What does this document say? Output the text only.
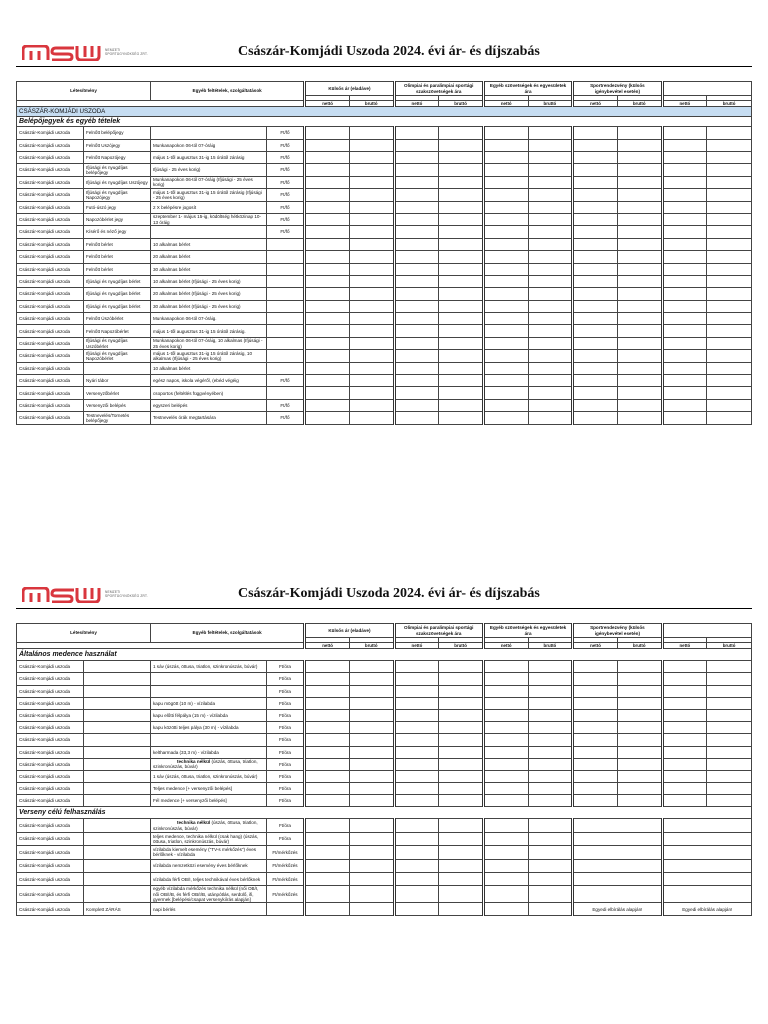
NEMZETI
SPORTÜGYNÖKSÉG ZRT.	Császár-Komjádi Uszoda 2024. évi ár- és díjszabás
Létesítmény		Egyéb feltételek, szolgáltatások		Külsős ár (eladáve)		Olimpiai és paralimpiai sportági szakszövetségek ára		Egyéb szövetségek és egyesületek ára		Sportrendezvény (külsős igénybevétel esetén)			

				nettó	bruttó	nettó	bruttó	nettó	bruttó	nettó	bruttó	nettó	bruttó
CSÁSZÁR-KOMJÁDI USZODA													
Belépőjegyek és egyéb tételek													
Császár-Komjádi uszoda	Felnőtt belépőjegy		Ft/fő										
Császár-Komjádi uszoda	Felnőtt Uszójegy	Munkanapokon 06-tól 07-óráig	Ft/fő										
Császár-Komjádi uszoda	Felnőtt Napozójegy	május 1-től augusztus 31-ig 15 órától zárásig	Ft/fő										
Császár-Komjádi uszoda	Ifjúsági és nyugdíjas belépőjegy	Ifjúsági - 25 éves korig)	Ft/fő										
Császár-Komjádi uszoda	Ifjúsági és nyugdíjas Uszójegy	Munkanapokon 06-tól 07-óráig (Ifjúsági - 25 éves korig)	Ft/fő										
Császár-Komjádi uszoda	Ifjúsági és nyugdíjas Napozójegy	május 1-től augusztus 31-ig 15 órától zárásig (Ifjúsági - 25 éves korig)	Ft/fő										
Császár-Komjádi uszoda	Futó-úszó jegy	2 X belépésre jogosít	Ft/fő										
Császár-Komjádi uszoda	Napozóbérlet jegy	szeptember 1- május 15-ig, ködöltség hétközinap 10-13 óráig	Ft/fő										
Császár-Komjádi uszoda	Kísérő és néző jegy		Ft/fő										
Császár-Komjádi uszoda	Felnőtt bérlet	10 alkalmas bérlet											
Császár-Komjádi uszoda	Felnőtt bérlet	20 alkalmas bérlet											
Császár-Komjádi uszoda	Felnőtt bérlet	30 alkalmas bérlet											
Császár-Komjádi uszoda	Ifjúsági és nyugdíjas bérlet	10 alkalmas bérlet (Ifjúsági - 25 éves korig)											
Császár-Komjádi uszoda	Ifjúsági és nyugdíjas bérlet	20 alkalmas bérlet (Ifjúsági - 25 éves korig)											
Császár-Komjádi uszoda	Ifjúsági és nyugdíjas bérlet	30 alkalmas bérlet (Ifjúsági - 25 éves korig)											
Császár-Komjádi uszoda	Felnőtt Úszóbérlet	Munkanapokon 06-tól 07-óráig.											
Császár-Komjádi uszoda	Felnőtt Napozóbérlet	május 1-től augusztus 31-ig 15 órától zárásig.											
Császár-Komjádi uszoda	Ifjúsági és nyugdíjas Uszóbérlet	Munkanapokon 06-tól 07-óráig, 10 alkalmas (Ifjúsági - 25 éves korig)											
Császár-Komjádi uszoda	Ifjúsági és nyugdíjas Napozóbérlet	május 1-től augusztus 31-ig 15 órától zárásig, 10 alkalmas (Ifjúsági - 25 éves korig)											
Császár-Komjádi uszoda		10 alkalmas bérlet											
Császár-Komjádi uszoda	Nyári tábor	egész napos, iskola végéről, (ebéd végéig	Ft/fő										
Császár-Komjádi uszoda	Versenyzőbérlet	csoportos (feltétlés függvényében)											
Császár-Komjádi uszoda	Versenyzői belépés	egyszeri belépés	Ft/fő										
Császár-Komjádi uszoda	Testnevelés/Tornetés belépőjegy	Testnevelés órák megtartására	Ft/fő										
NEMZETI
SPORTÜGYNÖKSÉG ZRT.	Császár-Komjádi Uszoda 2024. évi ár- és díjszabás
Létesítmény		Egyéb feltételek, szolgáltatások		Külsős ár (eladáve)		Olimpiai és paralimpiai sportági szakszövetségek ára		Egyéb szövetségek és egyesületek ára		Sportrendezvény (külsős igénybevétel esetén)			

				nettó	bruttó	nettó	bruttó	nettó	bruttó	nettó	bruttó	nettó	bruttó
Általános medence használat													
Császár-Komjádi uszoda		1 sáv (úszás, öttusa, triatlon, szinkronúszás, búvár)	Ft/óra										
Császár-Komjádi uszoda			Ft/óra										
Császár-Komjádi uszoda			Ft/óra										
Császár-Komjádi uszoda		kapu mögött (10 m) - vízilabda	Ft/óra										
Császár-Komjádi uszoda		kapu előtti félpálya (15 m) - vízilabda	Ft/óra										
Császár-Komjádi uszoda		kapu közötti teljes pálya (30 m) - vízilabda	Ft/óra										
Császár-Komjádi uszoda			Ft/óra										
Császár-Komjádi uszoda		keltharmada (33,3 m) - vízilabda	Ft/óra										
Császár-Komjádi uszoda		technika nélkül (úszás, öttusa, triatlon, szinkronúszás, búvár)	Ft/óra										
Császár-Komjádi uszoda		1 sáv (úszás, öttusa, triatlon, szinkronúszás, búvár)	Ft/óra										
Császár-Komjádi uszoda		Teljes medence [+ versenyzői belépés]	Ft/óra										
Császár-Komjádi uszoda		Fél medence [+ versenyzői belépés]	Ft/óra										
Verseny célú felhasználás													
Császár-Komjádi uszoda		technika nélkül (úszás, öttusa, triatlon, szinkronúszás, búvár)	Ft/óra										
Császár-Komjádi uszoda		teljes medence, technika nélkül (csak hang) (úszás, öttusa, triatlon, szinkronúszás, búvár)	Ft/óra										
Császár-Komjádi uszoda		vízilabda kiemelt esemény ("TV-s mérkőzés") éves bérlőknek - vízilabda	Ft/mérkőzés										
Császár-Komjádi uszoda		vízilabda nemzetközi esemény éves bérlőknek	Ft/mérkőzés										
Császár-Komjádi uszoda		vízilabda férfi OB/I, teljes technikával éves bérlőknek	Ft/mérkőzés										
Császár-Komjádi uszoda		egyéb vízilabda mérkőzés technika nélkül (női OB/I, női OB/I/B, és férfi OB/I/B, utánpótlás, serdülő, ifi, gyermek [belépési/csapat versenykiírás alapján]	Ft/mérkőzés										
Császár-Komjádi uszoda	Komplett ZÁRÁS	napi bérlés								Egyedi elbírálás alapján!		Egyedi elbírálás alapján!	
